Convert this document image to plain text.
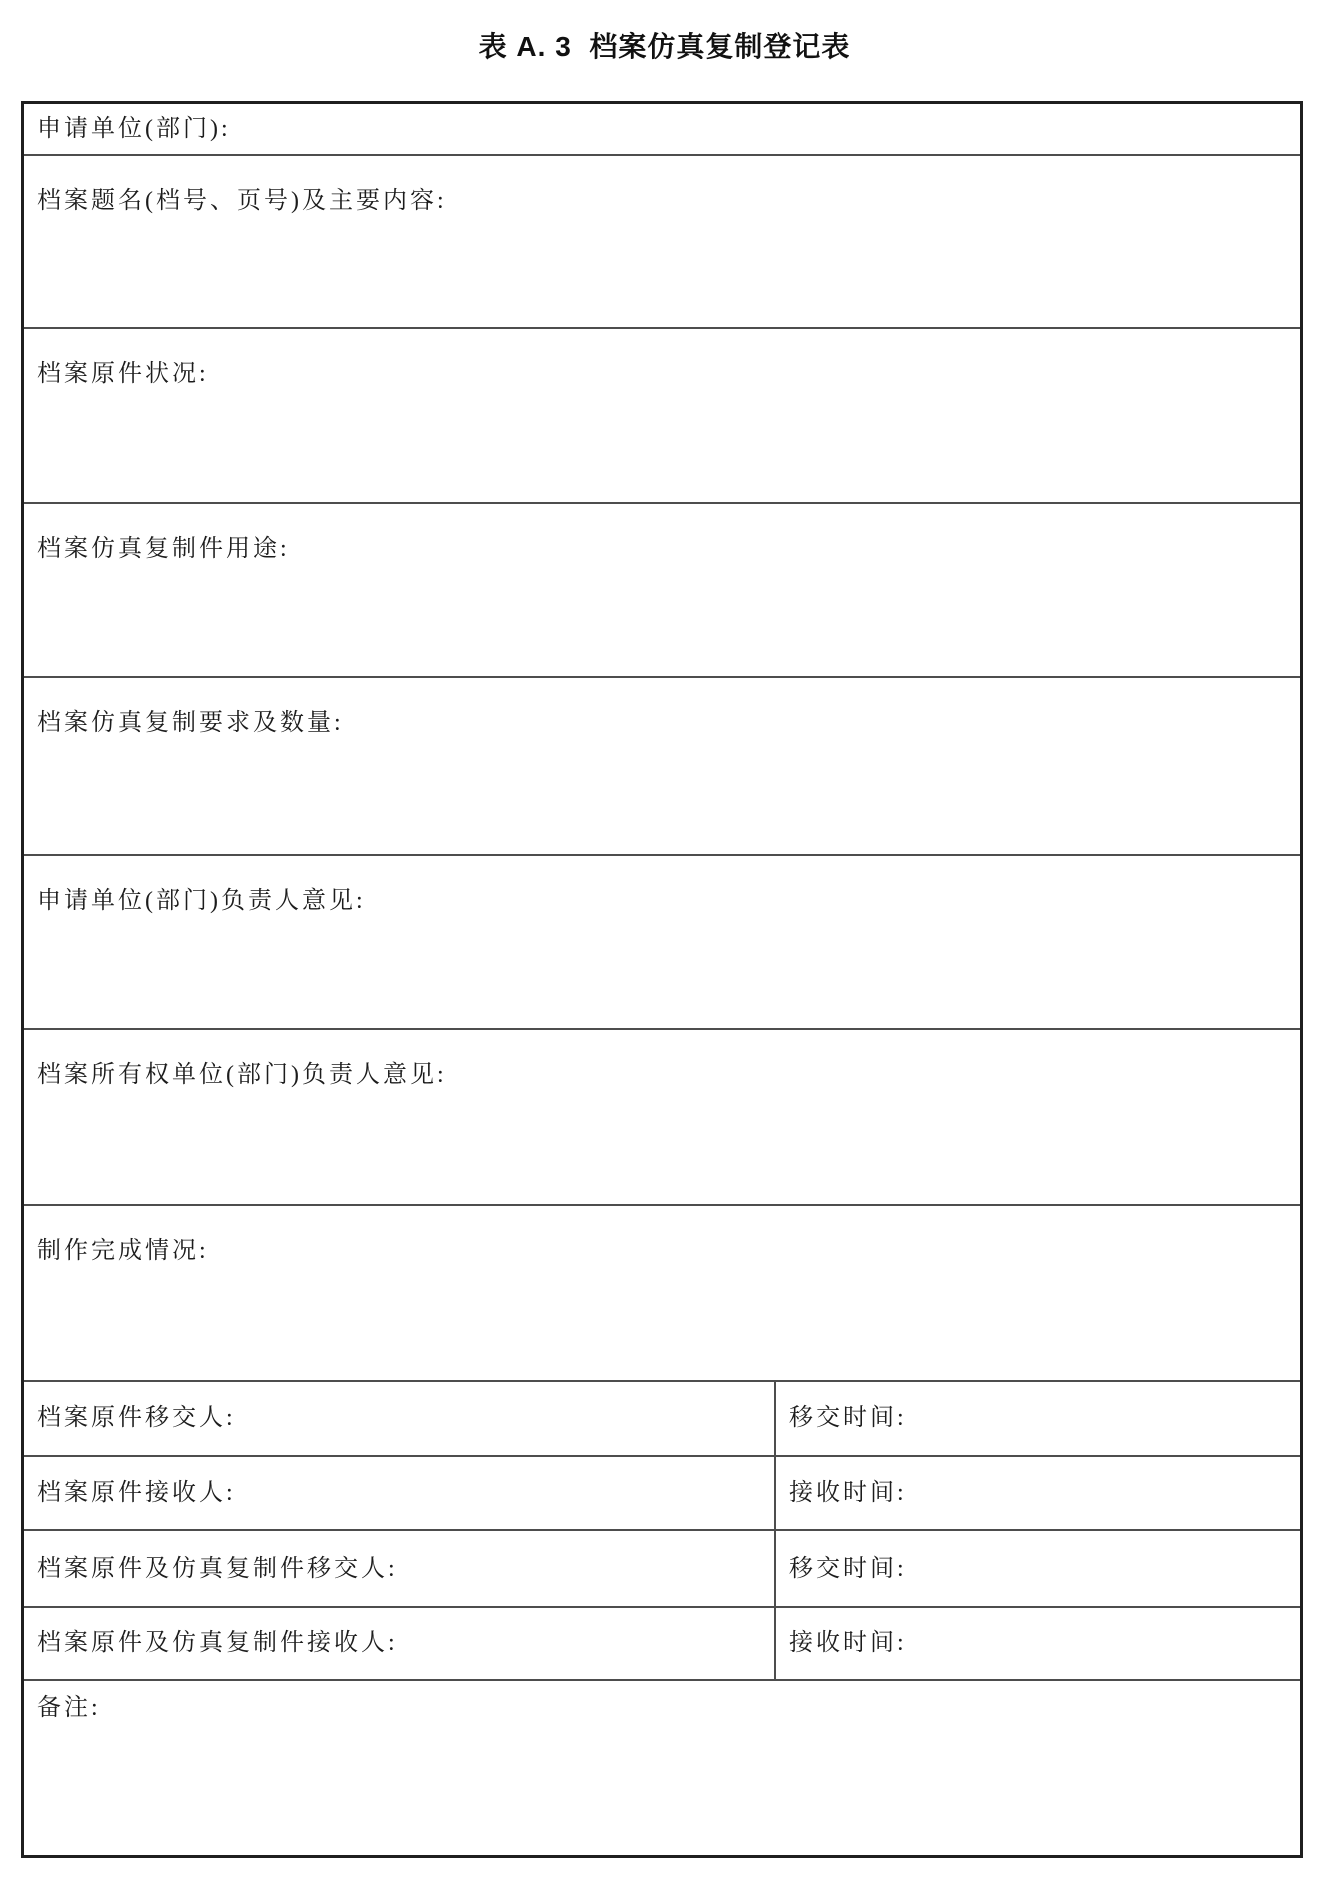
表 A. 3  档案仿真复制登记表
申请单位(部门):
档案题名(档号、页号)及主要内容:
档案原件状况:
档案仿真复制件用途:
档案仿真复制要求及数量:
申请单位(部门)负责人意见:
档案所有权单位(部门)负责人意见:
制作完成情况:
档案原件移交人:	移交时间:
档案原件接收人:	接收时间:
档案原件及仿真复制件移交人:	移交时间:
档案原件及仿真复制件接收人:	接收时间:
备注:
